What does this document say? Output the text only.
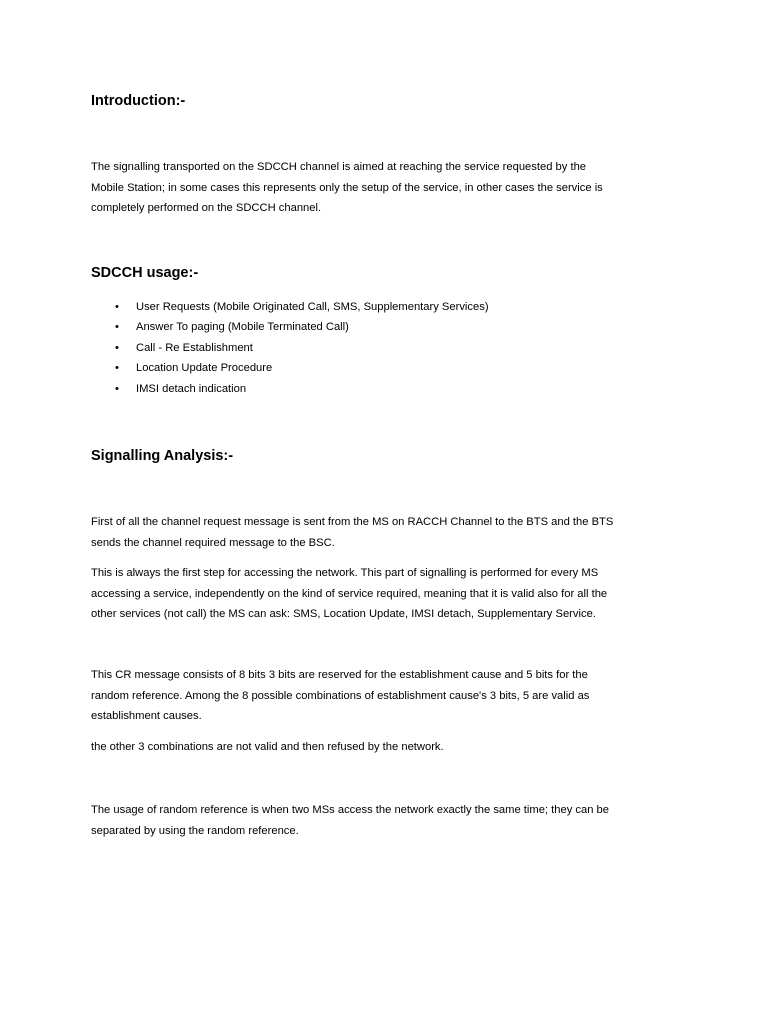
Introduction:-

The signalling transported on the SDCCH channel is aimed at reaching the service requested by the
Mobile Station; in some cases this represents only the setup of the service, in other cases the service is
completely performed on the SDCCH channel.

SDCCH usage:-
• User Requests (Mobile Originated Call, SMS, Supplementary Services)
• Answer To paging (Mobile Terminated Call)
• Call - Re Establishment
• Location Update Procedure
• IMSI detach indication
Signalling Analysis:-

First of all the channel request message is sent from the MS on RACCH Channel to the BTS and the BTS
sends the channel required message to the BSC.

This is always the first step for accessing the network. This part of signalling is performed for every MS
accessing a service, independently on the kind of service required, meaning that it is valid also for all the
other services (not call) the MS can ask: SMS, Location Update, IMSI detach, Supplementary Service.

This CR message consists of 8 bits 3 bits are reserved for the establishment cause and 5 bits for the
random reference. Among the 8 possible combinations of establishment cause's 3 bits, 5 are valid as
establishment causes.

the other 3 combinations are not valid and then refused by the network.

The usage of random reference is when two MSs access the network exactly the same time; they can be
separated by using the random reference.
